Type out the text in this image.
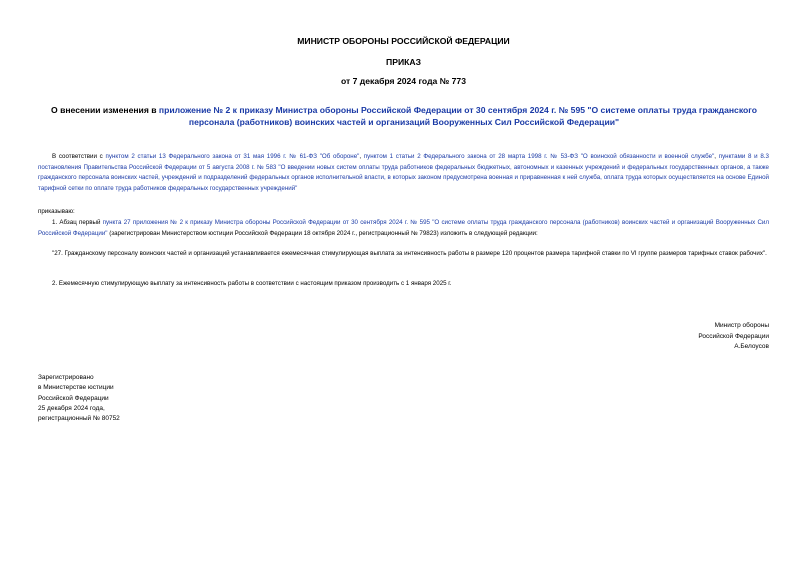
МИНИСТР ОБОРОНЫ РОССИЙСКОЙ ФЕДЕРАЦИИ
ПРИКАЗ
от 7 декабря 2024 года № 773
О внесении изменения в приложение № 2 к приказу Министра обороны Российской Федерации от 30 сентября 2024 г. № 595 "О системе оплаты труда гражданского персонала (работников) воинских частей и организаций Вооруженных Сил Российской Федерации"
В соответствии с пунктом 2 статьи 13 Федерального закона от 31 мая 1996 г. № 61-ФЗ "Об обороне", пунктом 1 статьи 2 Федерального закона от 28 марта 1998 г. № 53-ФЗ "О воинской обязанности и военной службе", пунктами 8 и 8.3 постановления Правительства Российской Федерации от 5 августа 2008 г. № 583 "О введении новых систем оплаты труда работников федеральных бюджетных, автономных и казенных учреждений и федеральных государственных органов, а также гражданского персонала воинских частей, учреждений и подразделений федеральных органов исполнительной власти, в которых законом предусмотрена военная и приравненная к ней служба, оплата труда которых осуществляется на основе Единой тарифной сетки по оплате труда работников федеральных государственных учреждений"
приказываю:
1. Абзац первый пункта 27 приложения № 2 к приказу Министра обороны Российской Федерации от 30 сентября 2024 г. № 595 "О системе оплаты труда гражданского персонала (работников) воинских частей и организаций Вооруженных Сил Российской Федерации" (зарегистрирован Министерством юстиции Российской Федерации 18 октября 2024 г., регистрационный № 79823) изложить в следующей редакции:
"27. Гражданскому персоналу воинских частей и организаций устанавливается ежемесячная стимулирующая выплата за интенсивность работы в размере 120 процентов размера тарифной ставки по VI группе размеров тарифных ставок рабочих".
2. Ежемесячную стимулирующую выплату за интенсивность работы в соответствии с настоящим приказом производить с 1 января 2025 г.
Министр обороны
Российской Федерации
А.Белоусов
Зарегистрировано
в Министерстве юстиции
Российской Федерации
25 декабря 2024 года,
регистрационный № 80752
